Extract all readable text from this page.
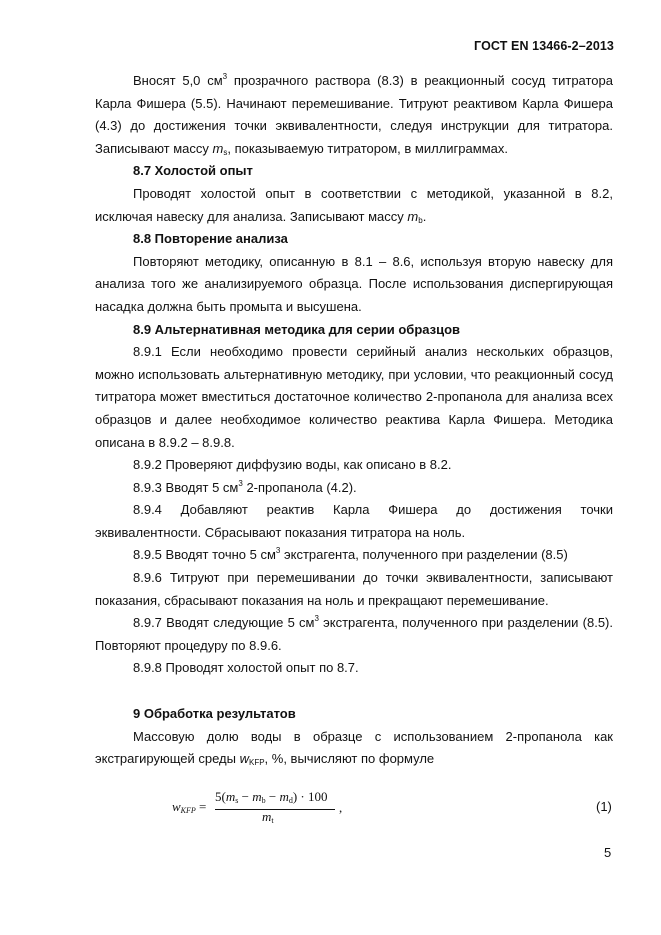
ГОСТ EN 13466-2–2013

Вносят 5,0 $см^3$ прозрачного раствора (8.3) в реакционный сосуд титратора Карла Фишера (5.5). Начинают перемешивание. Титруют реактивом Карла Фишера (4.3) до достижения точки эквивалентности, следуя инструкции для титратора. Записывают массу $m_s$, показываемую титратором, в миллиграммах.

8.7 Холостой опыт

Проводят холостой опыт в соответствии с методикой, указанной в 8.2, исключая навеску для анализа. Записывают массу $m_b$.

8.8 Повторение анализа

Повторяют методику, описанную в 8.1 – 8.6, используя вторую навеску для анализа того же анализируемого образца. После использования диспергирующая насадка должна быть промыта и высушена.

8.9 Альтернативная методика для серии образцов

8.9.1 Если необходимо провести серийный анализ нескольких образцов, можно использовать альтернативную методику, при условии, что реакционный сосуд титратора может вместиться достаточное количество 2-пропанола для анализа всех образцов и далее необходимое количество реактива Карла Фишера. Методика описана в 8.9.2 – 8.9.8.

8.9.2 Проверяют диффузию воды, как описано в 8.2.

8.9.3 Вводят 5 $см^3$ 2-пропанола (4.2).

8.9.4 Добавляют реактив Карла Фишера до достижения точки эквивалентности. Cбрасывают показания титратора на ноль.

8.9.5 Вводят точно 5 $см^3$ экстрагента, полученного при разделении (8.5)

8.9.6 Титруют при перемешивании до точки эквивалентности, записывают показания, сбрасывают показания на ноль и прекращают перемешивание.

8.9.7 Вводят следующие 5 $см^3$ экстрагента, полученного при разделении (8.5). Повторяют процедуру по 8.9.6.

8.9.8 Проводят холостой опыт по 8.7.

9 Обработка результатов

Массовую долю воды в образце с использованием 2-пропанола как экстрагирующей среды $w_{KFP}$, %, вычисляют по формуле

$w_{KFP}$ =
$5(m_s - m_b - m_d) \cdot 100$
$m_t$
,	(1)
5
